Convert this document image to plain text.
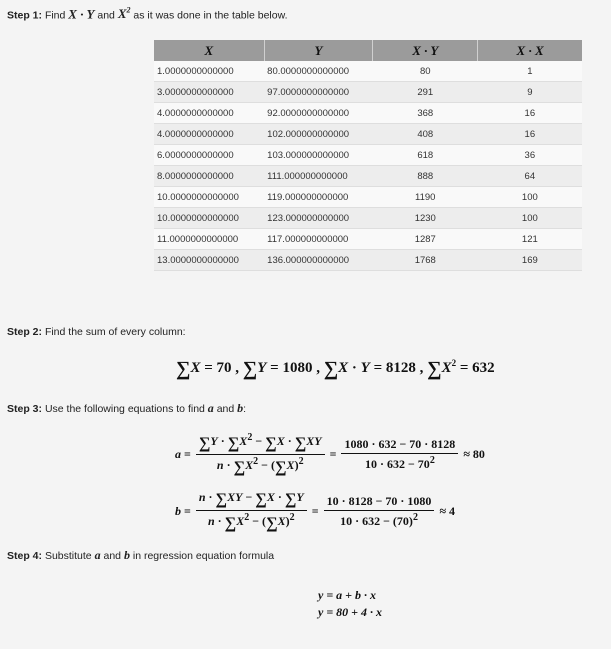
Step 1: Find X · Y and $X^2$ as it was done in the table below.
X	Y	X · Y	X · X
1.0000000000000	80.0000000000000	80	1
3.0000000000000	97.0000000000000	291	9
4.0000000000000	92.0000000000000	368	16
4.0000000000000	102.000000000000	408	16
6.0000000000000	103.000000000000	618	36
8.0000000000000	111.000000000000	888	64
10.0000000000000	119.000000000000	1190	100
10.0000000000000	123.000000000000	1230	100
11.0000000000000	117.000000000000	1287	121
13.0000000000000	136.000000000000	1768	169
Step 2: Find the sum of every column:
∑X = 70 , ∑Y = 1080 , ∑X · Y = 8128 , $\sum X^2 = 632$
Step 3: Use the following equations to find a and b:
$a = \frac{\sum Y \cdot \sum X^2 - \sum X \cdot \sum XY}{n \cdot \sum X^2 - (\sum X)^2} = \frac{1080 \cdot 632 - 70 \cdot 8128}{10 \cdot 632 - 70^2} \approx 80$
$b = \frac{n \cdot \sum XY - \sum X \cdot \sum Y}{n \cdot \sum X^2 - (\sum X)^2} = \frac{10 \cdot 8128 - 70 \cdot 1080}{10 \cdot 632 - (70)^2} \approx 4$
Step 4: Substitute a and b in regression equation formula
y = a + b · x
y = 80 + 4 · x
